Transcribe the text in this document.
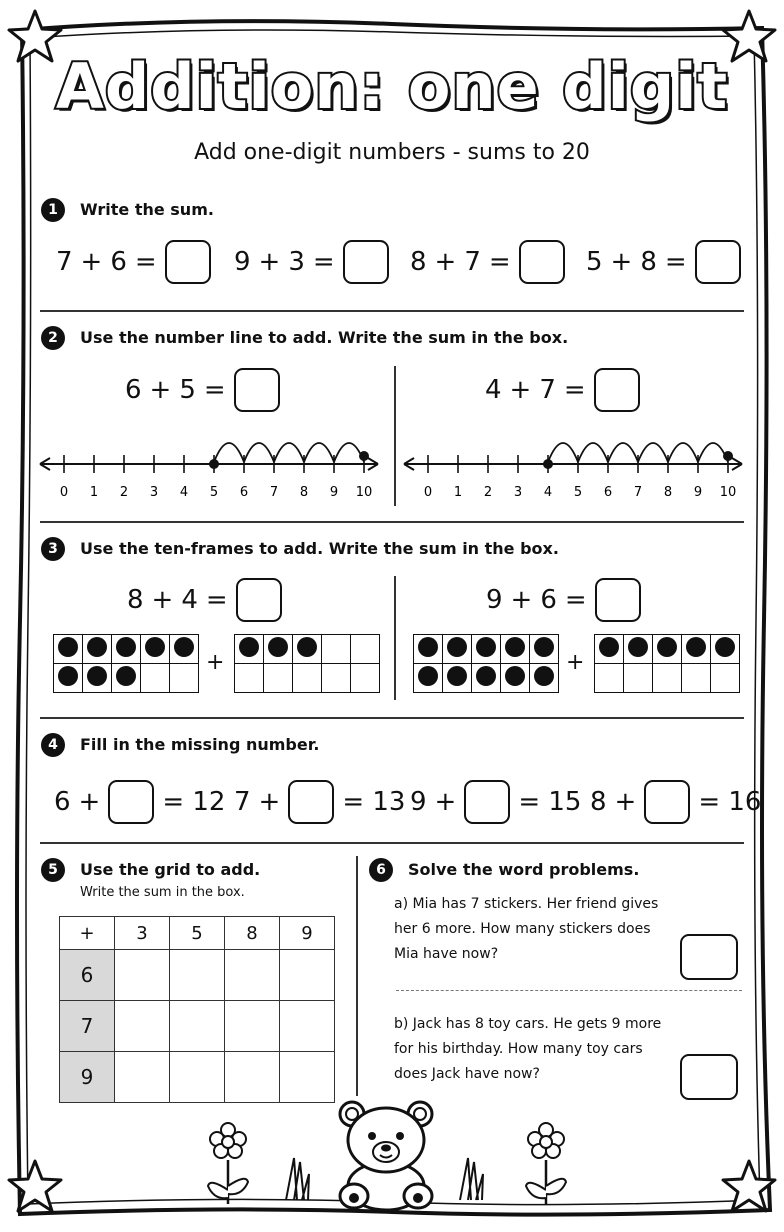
Addition: one digit
Add one-digit numbers - sums to 20
1	Write the sum.
7 + 6 =	9 + 3 =	8 + 7 =	5 + 8 =
2	Use the number line to add. Write the sum in the box.
6 + 5 =	4 + 7 =
0 1 2 3 4 5 6 7 8 9 10	0 1 2 3 4 5 6 7 8 9 10
3	Use the ten-frames to add. Write the sum in the box.
8 + 4 =	9 + 6 =

+

					+

4	Fill in the missing number.
6 + = 12 7 + = 13 9 + = 15 8 + = 16
5	Use the grid to add.
Write the sum in the box.
+	3	5	8	9
6				
7				
9				
6	Solve the word problems.
a) Mia has 7 stickers. Her friend gives
her 6 more. How many stickers does
Mia have now?
b) Jack has 8 toy cars. He gets 9 more
for his birthday. How many toy cars
does Jack have now?
